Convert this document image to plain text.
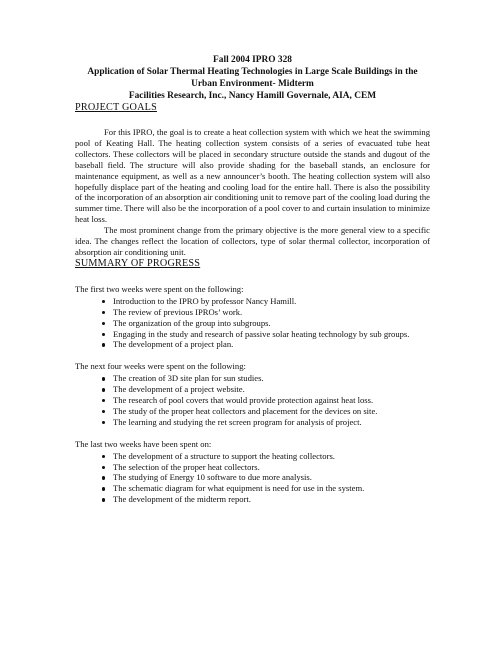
Fall 2004 IPRO 328
Application of Solar Thermal Heating Technologies in Large Scale Buildings in the
Urban Environment- Midterm
Facilities Research, Inc., Nancy Hamill Governale, AIA, CEM
PROJECT GOALS

For this IPRO, the goal is to create a heat collection system with which we heat the swimming pool of Keating Hall. The heating collection system consists of a series of evacuated tube heat collectors. These collectors will be placed in secondary structure outside the stands and dugout of the baseball field. The structure will also provide shading for the baseball stands, an enclosure for maintenance equipment, as well as a new announcer’s booth. The heating collection system will also hopefully displace part of the heating and cooling load for the entire hall. There is also the possibility of the incorporation of an absorption air conditioning unit to remove part of the cooling load during the summer time. There will also be the incorporation of a pool cover to and curtain insulation to minimize heat loss.

The most prominent change from the primary objective is the more general view to a specific idea. The changes reflect the location of collectors, type of solar thermal collector, incorporation of absorption air conditioning unit.

SUMMARY OF PROGRESS
The first two weeks were spent on the following:
Introduction to the IPRO by professor Nancy Hamill.
The review of previous IPROs’ work.
The organization of the group into subgroups.
Engaging in the study and research of passive solar heating technology by sub groups.
The development of a project plan.
The next four weeks were spent on the following:
The creation of 3D site plan for sun studies.
The development of a project website.
The research of pool covers that would provide protection against heat loss.
The study of the proper heat collectors and placement for the devices on site.
The learning and studying the ret screen program for analysis of project.
The last two weeks have been spent on:
The development of a structure to support the heating collectors.
The selection of the proper heat collectors.
The studying of Energy 10 software to due more analysis.
The schematic diagram for what equipment is need for use in the system.
The development of the midterm report.
